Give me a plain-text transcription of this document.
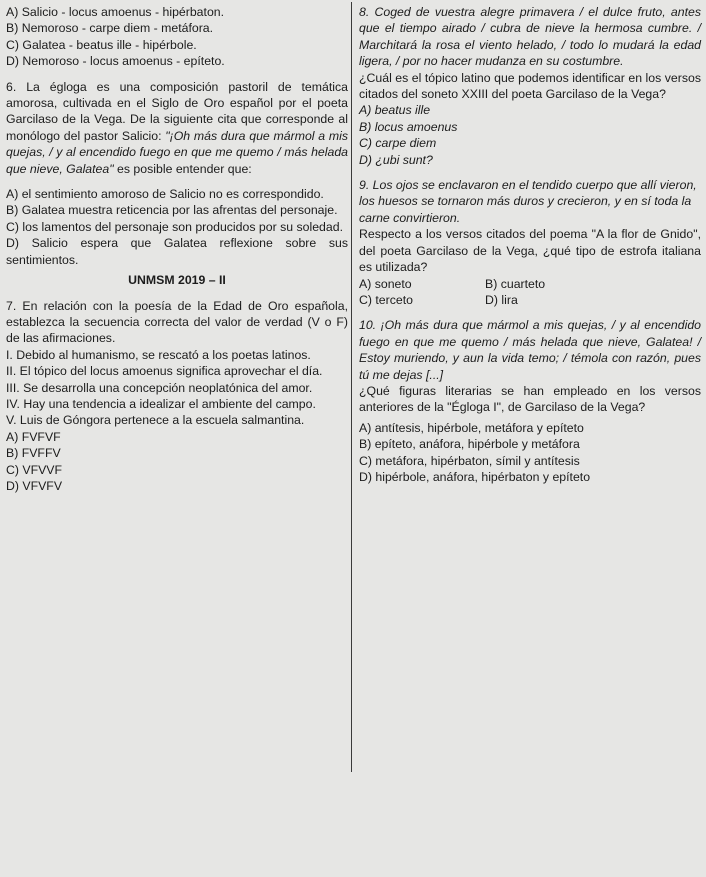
A) Salicio - locus amoenus - hipérbaton.

B) Nemoroso - carpe diem - metáfora.

C) Galatea - beatus ille - hipérbole.

D) Nemoroso - locus amoenus - epíteto.

6. La égloga es una composición pastoril de temática amorosa, cultivada en el Siglo de Oro español por el poeta Garcilaso de la Vega. De la siguiente cita que corresponde al monólogo del pastor Salicio: "¡Oh más dura que mármol a mis quejas, / y al encendido fuego en que me quemo / más helada que nieve, Galatea" es posible entender que:

A) el sentimiento amoroso de Salicio no es correspondido.

B) Galatea muestra reticencia por las afrentas del personaje.

C) los lamentos del personaje son producidos por su soledad.

D) Salicio espera que Galatea reflexione sobre sus sentimientos.

UNMSM 2019 – II

7. En relación con la poesía de la Edad de Oro española, establezca la secuencia correcta del valor de verdad (V o F) de las afirmaciones.

I. Debido al humanismo, se rescató a los poetas latinos.

II. El tópico del locus amoenus significa aprovechar el día.

III. Se desarrolla una concepción neoplatónica del amor.

IV. Hay una tendencia a idealizar el ambiente del campo.

V. Luis de Góngora pertenece a la escuela salmantina.

A) FVFVF

B) FVFFV

C) VFVVF

D) VFVFV

8. Coged de vuestra alegre primavera / el dulce fruto, antes que el tiempo airado / cubra de nieve la hermosa cumbre. / Marchitará la rosa el viento helado, / todo lo mudará la edad ligera, / por no hacer mudanza en su costumbre.

¿Cuál es el tópico latino que podemos identificar en los versos citados del soneto XXIII del poeta Garcilaso de la Vega?

A) beatus ille

B) locus amoenus

C) carpe diem

D) ¿ubi sunt?

9. Los ojos se enclavaron en el tendido cuerpo que allí vieron, los huesos se tornaron más duros y crecieron, y en sí toda la carne convirtieron.

Respecto a los versos citados del poema "A la flor de Gnido", del poeta Garcilaso de la Vega, ¿qué tipo de estrofa italiana es utilizada?

A) soneto	B) cuarteto
C) terceto	D) lira

10. ¡Oh más dura que mármol a mis quejas, / y al encendido fuego en que me quemo / más helada que nieve, Galatea! / Estoy muriendo, y aun la vida temo; / témola con razón, pues tú me dejas [...]

¿Qué figuras literarias se han empleado en los versos anteriores de la "Égloga I", de Garcilaso de la Vega?

A) antítesis, hipérbole, metáfora y epíteto

B) epíteto, anáfora, hipérbole y metáfora

C) metáfora, hipérbaton, símil y antítesis

D) hipérbole, anáfora, hipérbaton y epíteto
